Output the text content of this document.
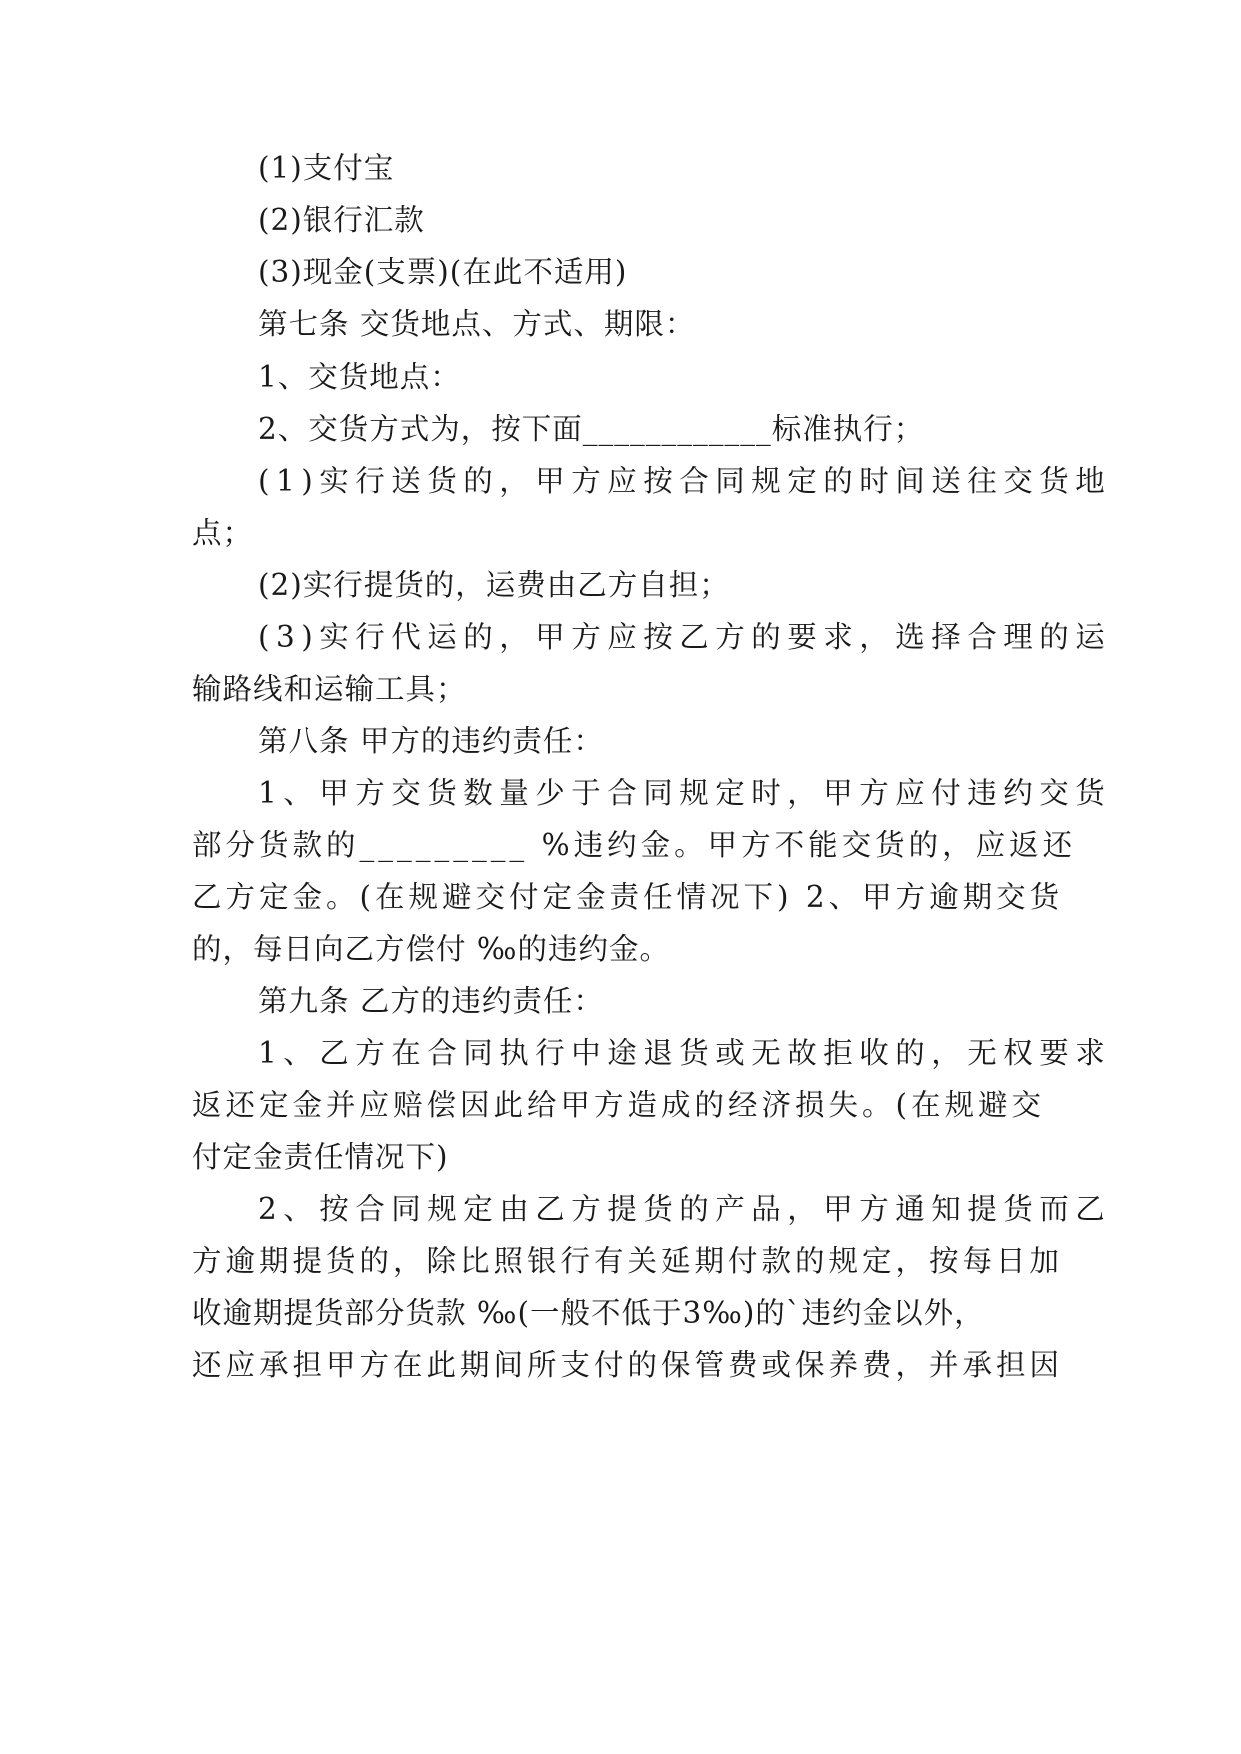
(1)支付宝
(2)银行汇款
(3)现金(支票)(在此不适用)
第七条 交货地点、方式、期限：
1、交货地点：
2、交货方式为，按下面____________标准执行；
(1)实行送货的，甲方应按合同规定的时间送往交货地
点；
(2)实行提货的，运费由乙方自担；
(3)实行代运的，甲方应按乙方的要求，选择合理的运
输路线和运输工具；
第八条 甲方的违约责任：
1、甲方交货数量少于合同规定时，甲方应付违约交货
部分货款的_________ %违约金。甲方不能交货的，应返还
乙方定金。(在规避交付定金责任情况下) 2、甲方逾期交货
的，每日向乙方偿付 ‰的违约金。
第九条 乙方的违约责任：
1、乙方在合同执行中途退货或无故拒收的，无权要求
返还定金并应赔偿因此给甲方造成的经济损失。(在规避交
付定金责任情况下)
2、按合同规定由乙方提货的产品，甲方通知提货而乙
方逾期提货的，除比照银行有关延期付款的规定，按每日加
收逾期提货部分货款 ‰(一般不低于3‰)的`违约金以外，
还应承担甲方在此期间所支付的保管费或保养费，并承担因
